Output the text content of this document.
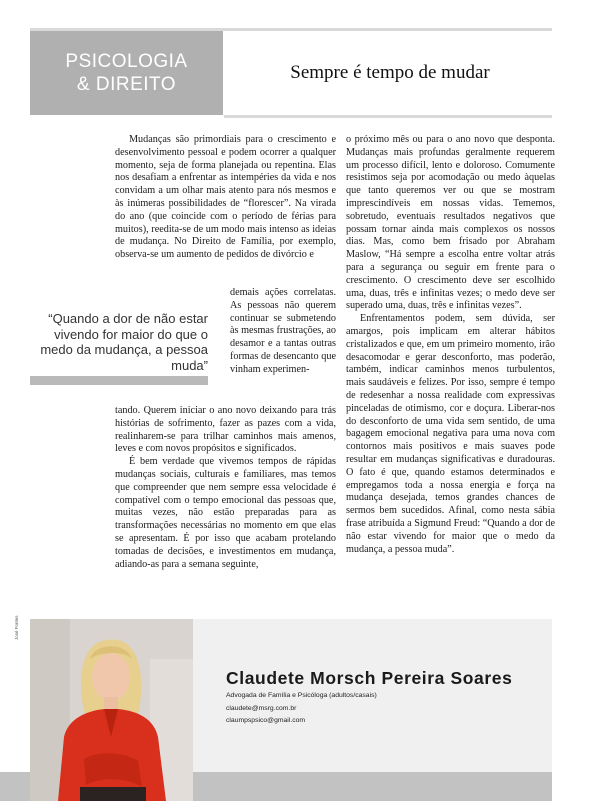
PSICOLOGIA
& DIREITO
Sempre é tempo de mudar

Mudanças são primordiais para o crescimento e desenvolvimento pessoal e podem ocorrer a qualquer momento, seja de forma planejada ou repentina. Elas nos desafiam a enfrentar as intempéries da vida e nos convidam a um olhar mais atento para nós mesmos e às inúmeras possibilidades de “florescer”. Na virada do ano (que coincide com o período de férias para muitos), reedita-se de um modo mais intenso as ideias de mudança. No Direito de Família, por exemplo, observa-se um aumento de pedidos de divórcio e

demais ações correlatas. As pessoas não querem continuar se submetendo às mesmas frustrações, ao desamor e a tantas outras formas de desencanto que vinham experimen-

tando. Querem iniciar o ano novo deixando para trás histórias de sofrimento, fazer as pazes com a vida, realinharem-se para trilhar caminhos mais amenos, leves e com novos propósitos e significados.

É bem verdade que vivemos tempos de rápidas mudanças sociais, culturais e familiares, mas temos que compreender que nem sempre essa velocidade é compatível com o tempo emocional das pessoas que, muitas vezes, não estão preparadas para as transformações necessárias no momento em que elas se apresentam. É por isso que acabam protelando tomadas de decisões, e investimentos em mudança, adiando-as para a semana seguinte,

o próximo mês ou para o ano novo que desponta. Mudanças mais profundas geralmente requerem um processo difícil, lento e doloroso. Comumente resistimos seja por acomodação ou medo àquelas que tanto queremos ver ou que se mostram imprescindíveis em nossas vidas. Tememos, sobretudo, eventuais resultados negativos que possam tornar ainda mais complexos os nossos dias. Mas, como bem frisado por Abraham Maslow, “Há sempre a escolha entre voltar atrás para a segurança ou seguir em frente para o crescimento. O crescimento deve ser escolhido uma, duas, três e infinitas vezes; o medo deve ser superado uma, duas, três e infinitas vezes”.

Enfrentamentos podem, sem dúvida, ser amargos, pois implicam em alterar hábitos cristalizados e que, em um primeiro momento, irão desacomodar e gerar desconforto, mas poderão, também, indicar caminhos menos turbulentos, mais saudáveis e felizes. Por isso, sempre é tempo de redesenhar a nossa realidade com expressivas pinceladas de otimismo, cor e doçura. Liberar-nos do desconforto de uma vida sem sentido, de uma bagagem emocional negativa para uma nova com contornos mais positivos e mais suaves pode resultar em mudanças significativas e duradouras. O fato é que, quando estamos determinados e empregamos toda a nossa energia e força na mudança desejada, temos grandes chances de sermos bem sucedidos. Afinal, como nesta sábia frase atribuída a Sigmund Freud: “Quando a dor de não estar vivendo for maior que o medo da mudança, a pessoa muda”.

“Quando a dor de não estar vivendo for maior do que o medo da mudança, a pessoa muda”
José Fontes
Claudete Morsch Pereira Soares
Advogada de Família e Psicóloga (adultos/casais)
claudete@msrg.com.br
claumpspsico@gmail.com
